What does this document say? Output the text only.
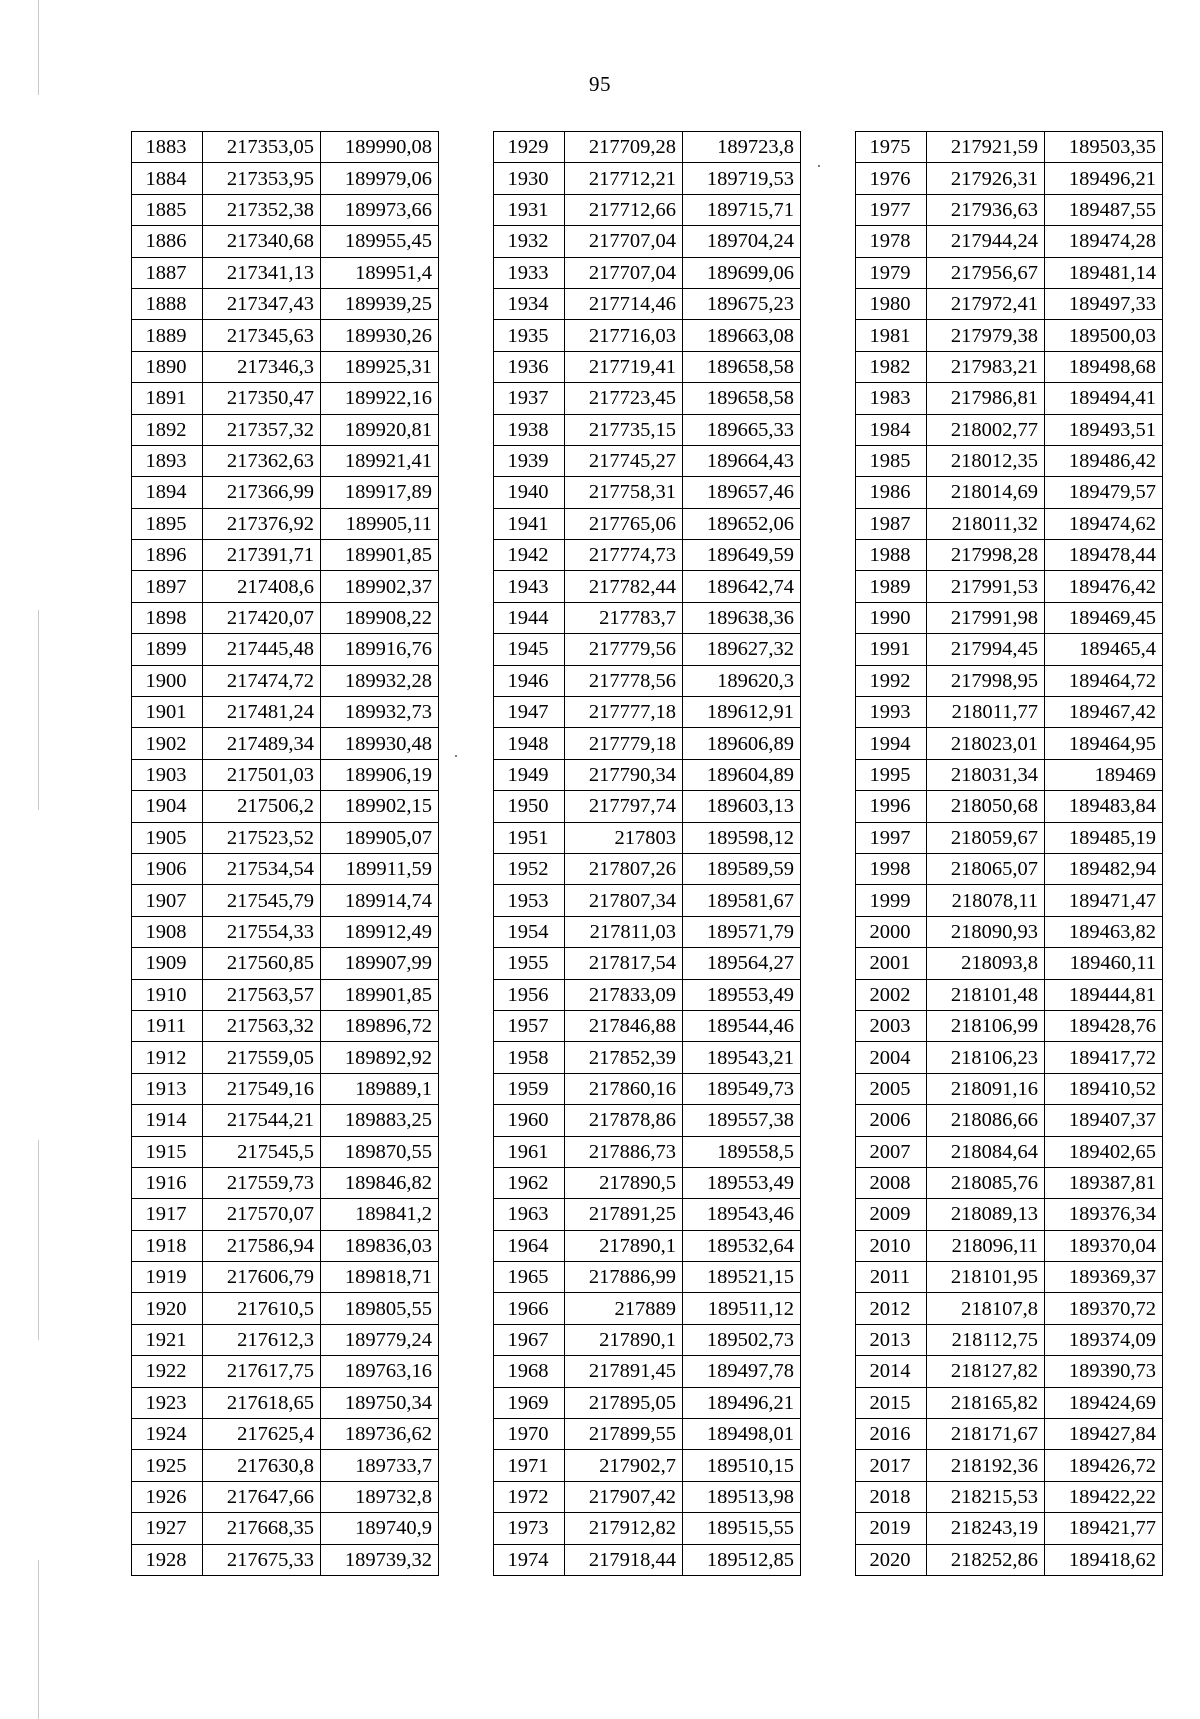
95
1883	217353,05	189990,08
1884	217353,95	189979,06
1885	217352,38	189973,66
1886	217340,68	189955,45
1887	217341,13	189951,4
1888	217347,43	189939,25
1889	217345,63	189930,26
1890	217346,3	189925,31
1891	217350,47	189922,16
1892	217357,32	189920,81
1893	217362,63	189921,41
1894	217366,99	189917,89
1895	217376,92	189905,11
1896	217391,71	189901,85
1897	217408,6	189902,37
1898	217420,07	189908,22
1899	217445,48	189916,76
1900	217474,72	189932,28
1901	217481,24	189932,73
1902	217489,34	189930,48
1903	217501,03	189906,19
1904	217506,2	189902,15
1905	217523,52	189905,07
1906	217534,54	189911,59
1907	217545,79	189914,74
1908	217554,33	189912,49
1909	217560,85	189907,99
1910	217563,57	189901,85
1911	217563,32	189896,72
1912	217559,05	189892,92
1913	217549,16	189889,1
1914	217544,21	189883,25
1915	217545,5	189870,55
1916	217559,73	189846,82
1917	217570,07	189841,2
1918	217586,94	189836,03
1919	217606,79	189818,71
1920	217610,5	189805,55
1921	217612,3	189779,24
1922	217617,75	189763,16
1923	217618,65	189750,34
1924	217625,4	189736,62
1925	217630,8	189733,7
1926	217647,66	189732,8
1927	217668,35	189740,9
1928	217675,33	189739,32
1929	217709,28	189723,8
1930	217712,21	189719,53
1931	217712,66	189715,71
1932	217707,04	189704,24
1933	217707,04	189699,06
1934	217714,46	189675,23
1935	217716,03	189663,08
1936	217719,41	189658,58
1937	217723,45	189658,58
1938	217735,15	189665,33
1939	217745,27	189664,43
1940	217758,31	189657,46
1941	217765,06	189652,06
1942	217774,73	189649,59
1943	217782,44	189642,74
1944	217783,7	189638,36
1945	217779,56	189627,32
1946	217778,56	189620,3
1947	217777,18	189612,91
1948	217779,18	189606,89
1949	217790,34	189604,89
1950	217797,74	189603,13
1951	217803	189598,12
1952	217807,26	189589,59
1953	217807,34	189581,67
1954	217811,03	189571,79
1955	217817,54	189564,27
1956	217833,09	189553,49
1957	217846,88	189544,46
1958	217852,39	189543,21
1959	217860,16	189549,73
1960	217878,86	189557,38
1961	217886,73	189558,5
1962	217890,5	189553,49
1963	217891,25	189543,46
1964	217890,1	189532,64
1965	217886,99	189521,15
1966	217889	189511,12
1967	217890,1	189502,73
1968	217891,45	189497,78
1969	217895,05	189496,21
1970	217899,55	189498,01
1971	217902,7	189510,15
1972	217907,42	189513,98
1973	217912,82	189515,55
1974	217918,44	189512,85
1975	217921,59	189503,35
1976	217926,31	189496,21
1977	217936,63	189487,55
1978	217944,24	189474,28
1979	217956,67	189481,14
1980	217972,41	189497,33
1981	217979,38	189500,03
1982	217983,21	189498,68
1983	217986,81	189494,41
1984	218002,77	189493,51
1985	218012,35	189486,42
1986	218014,69	189479,57
1987	218011,32	189474,62
1988	217998,28	189478,44
1989	217991,53	189476,42
1990	217991,98	189469,45
1991	217994,45	189465,4
1992	217998,95	189464,72
1993	218011,77	189467,42
1994	218023,01	189464,95
1995	218031,34	189469
1996	218050,68	189483,84
1997	218059,67	189485,19
1998	218065,07	189482,94
1999	218078,11	189471,47
2000	218090,93	189463,82
2001	218093,8	189460,11
2002	218101,48	189444,81
2003	218106,99	189428,76
2004	218106,23	189417,72
2005	218091,16	189410,52
2006	218086,66	189407,37
2007	218084,64	189402,65
2008	218085,76	189387,81
2009	218089,13	189376,34
2010	218096,11	189370,04
2011	218101,95	189369,37
2012	218107,8	189370,72
2013	218112,75	189374,09
2014	218127,82	189390,73
2015	218165,82	189424,69
2016	218171,67	189427,84
2017	218192,36	189426,72
2018	218215,53	189422,22
2019	218243,19	189421,77
2020	218252,86	189418,62
